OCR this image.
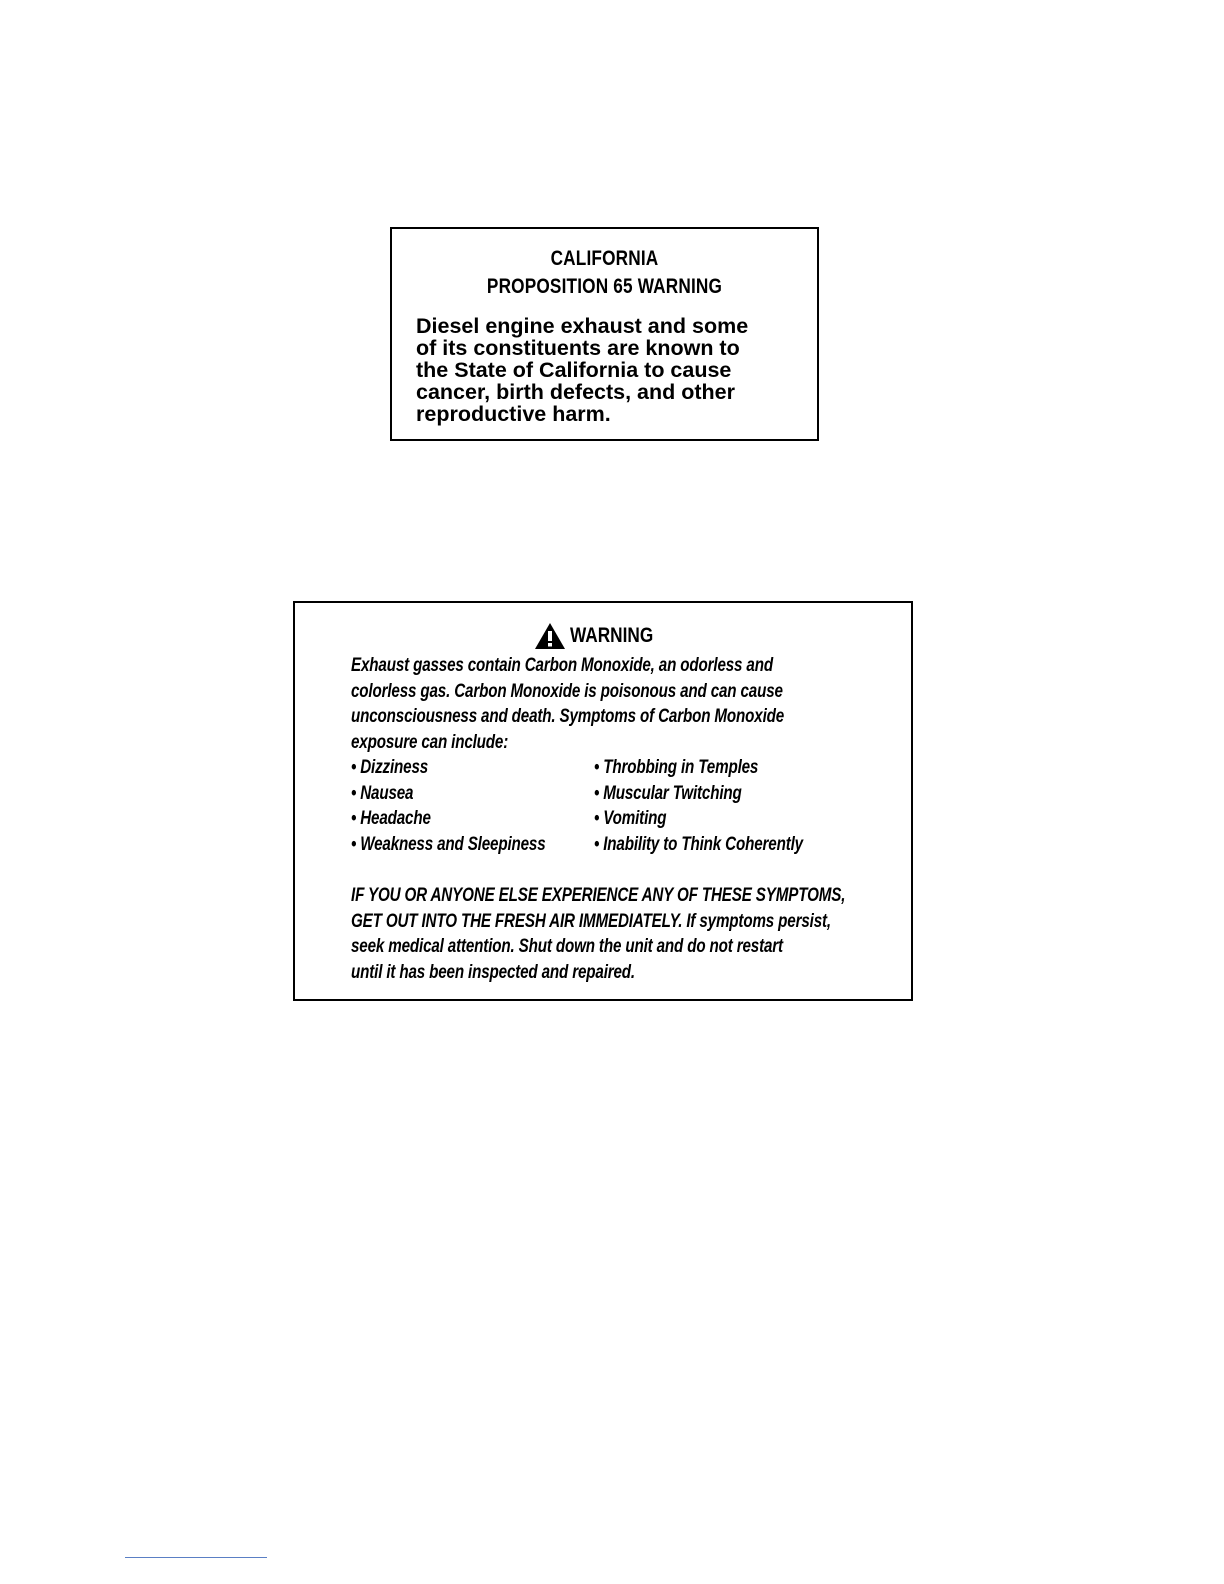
CALIFORNIA
PROPOSITION 65 WARNING
Diesel engine exhaust and some
of its constituents are known to
the State of California to cause
cancer, birth defects, and other
reproductive harm.
WARNING
Exhaust gasses contain Carbon Monoxide, an odorless and
colorless gas. Carbon Monoxide is poisonous and can cause
unconsciousness and death. Symptoms of Carbon Monoxide
exposure can include:
• Dizziness
• Nausea
• Headache
• Weakness and Sleepiness
• Throbbing in Temples
• Muscular Twitching
• Vomiting
• Inability to Think Coherently
IF YOU OR ANYONE ELSE EXPERIENCE ANY OF THESE SYMPTOMS,
GET OUT INTO THE FRESH AIR IMMEDIATELY. If symptoms persist,
seek medical attention. Shut down the unit and do not restart
until it has been inspected and repaired.
